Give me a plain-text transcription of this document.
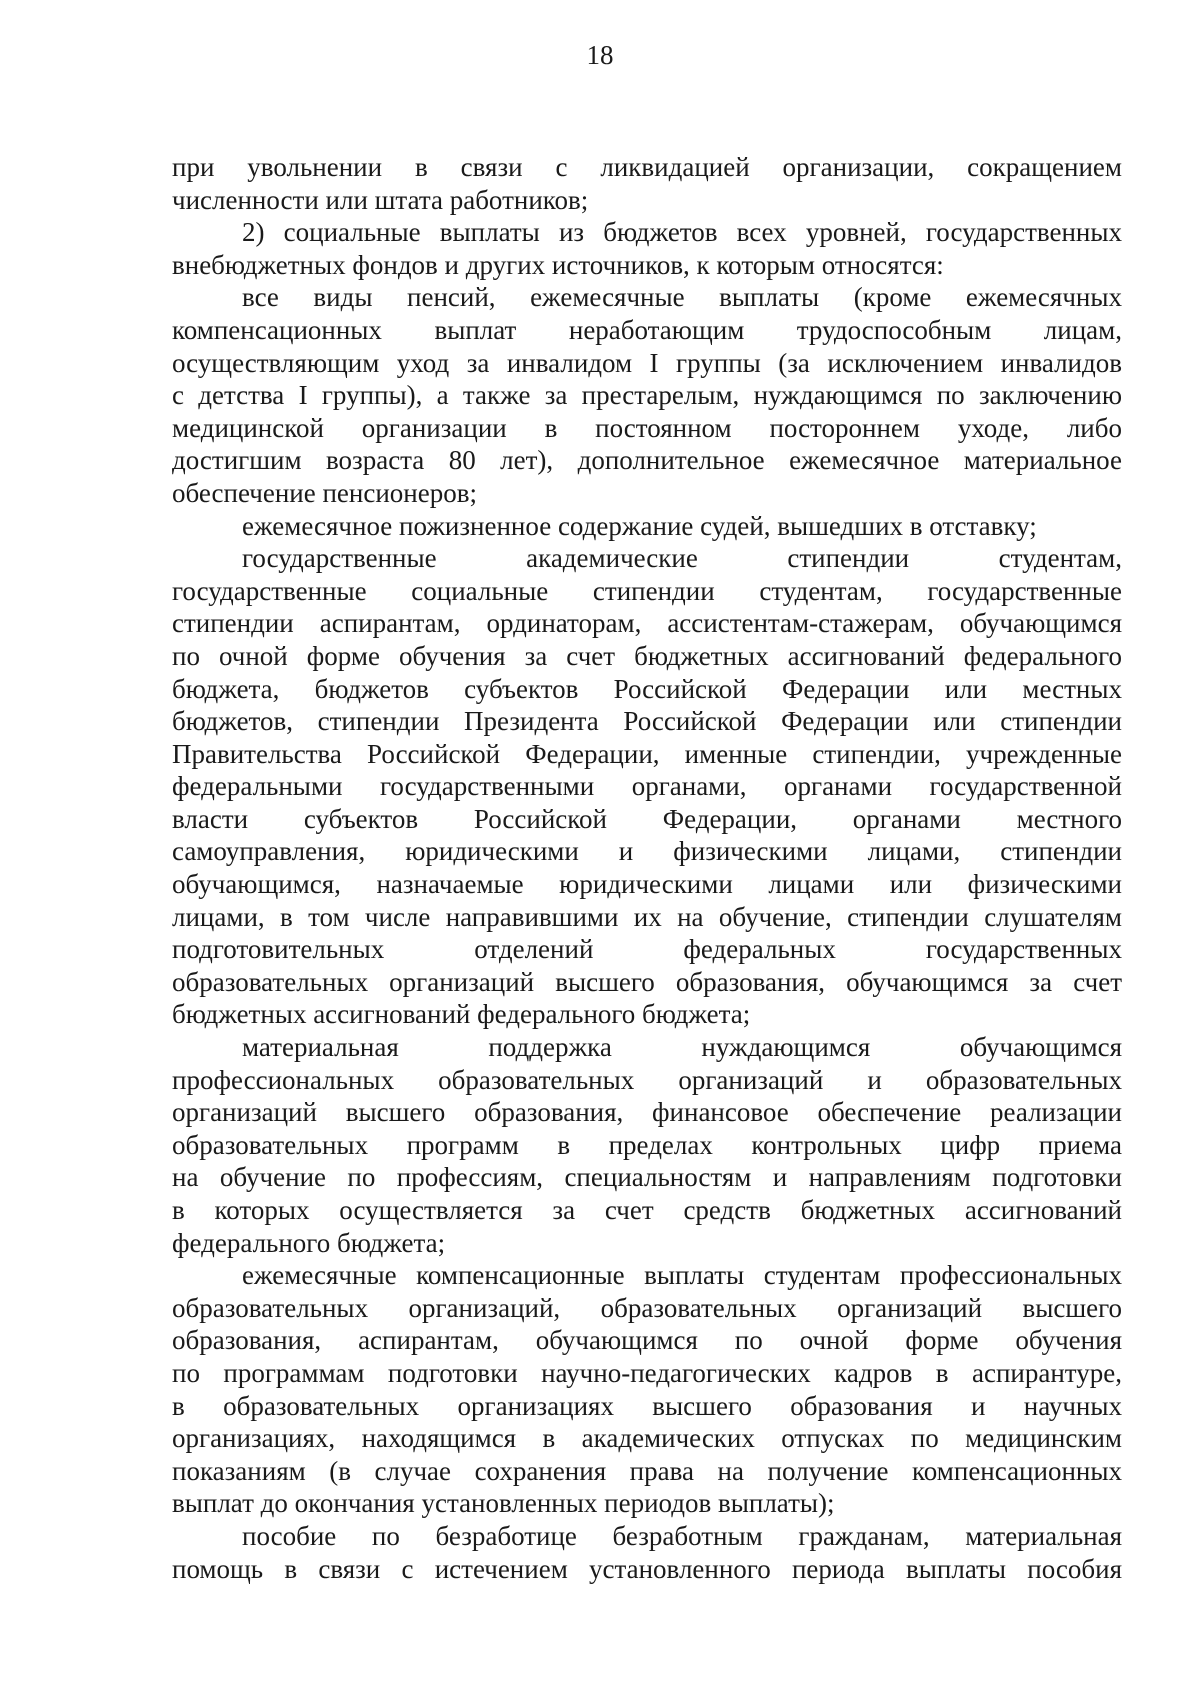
18
при увольнении в связи с ликвидацией организации, сокращением
численности или штата работников;
2) социальные выплаты из бюджетов всех уровней, государственных
внебюджетных фондов и других источников, к которым относятся:
все виды пенсий, ежемесячные выплаты (кроме ежемесячных
компенсационных выплат неработающим трудоспособным лицам,
осуществляющим уход за инвалидом I группы (за исключением инвалидов
с детства I группы), а также за престарелым, нуждающимся по заключению
медицинской организации в постоянном постороннем уходе, либо
достигшим возраста 80 лет), дополнительное ежемесячное материальное
обеспечение пенсионеров;
ежемесячное пожизненное содержание судей, вышедших в отставку;
государственные академические стипендии студентам,
государственные социальные стипендии студентам, государственные
стипендии аспирантам, ординаторам, ассистентам-стажерам, обучающимся
по очной форме обучения за счет бюджетных ассигнований федерального
бюджета, бюджетов субъектов Российской Федерации или местных
бюджетов, стипендии Президента Российской Федерации или стипендии
Правительства Российской Федерации, именные стипендии, учрежденные
федеральными государственными органами, органами государственной
власти субъектов Российской Федерации, органами местного
самоуправления, юридическими и физическими лицами, стипендии
обучающимся, назначаемые юридическими лицами или физическими
лицами, в том числе направившими их на обучение, стипендии слушателям
подготовительных отделений федеральных государственных
образовательных организаций высшего образования, обучающимся за счет
бюджетных ассигнований федерального бюджета;
материальная поддержка нуждающимся обучающимся
профессиональных образовательных организаций и образовательных
организаций высшего образования, финансовое обеспечение реализации
образовательных программ в пределах контрольных цифр приема
на обучение по профессиям, специальностям и направлениям подготовки
в которых осуществляется за счет средств бюджетных ассигнований
федерального бюджета;
ежемесячные компенсационные выплаты студентам профессиональных
образовательных организаций, образовательных организаций высшего
образования, аспирантам, обучающимся по очной форме обучения
по программам подготовки научно-педагогических кадров в аспирантуре,
в образовательных организациях высшего образования и научных
организациях, находящимся в академических отпусках по медицинским
показаниям (в случае сохранения права на получение компенсационных
выплат до окончания установленных периодов выплаты);
пособие по безработице безработным гражданам, материальная
помощь в связи с истечением установленного периода выплаты пособия
